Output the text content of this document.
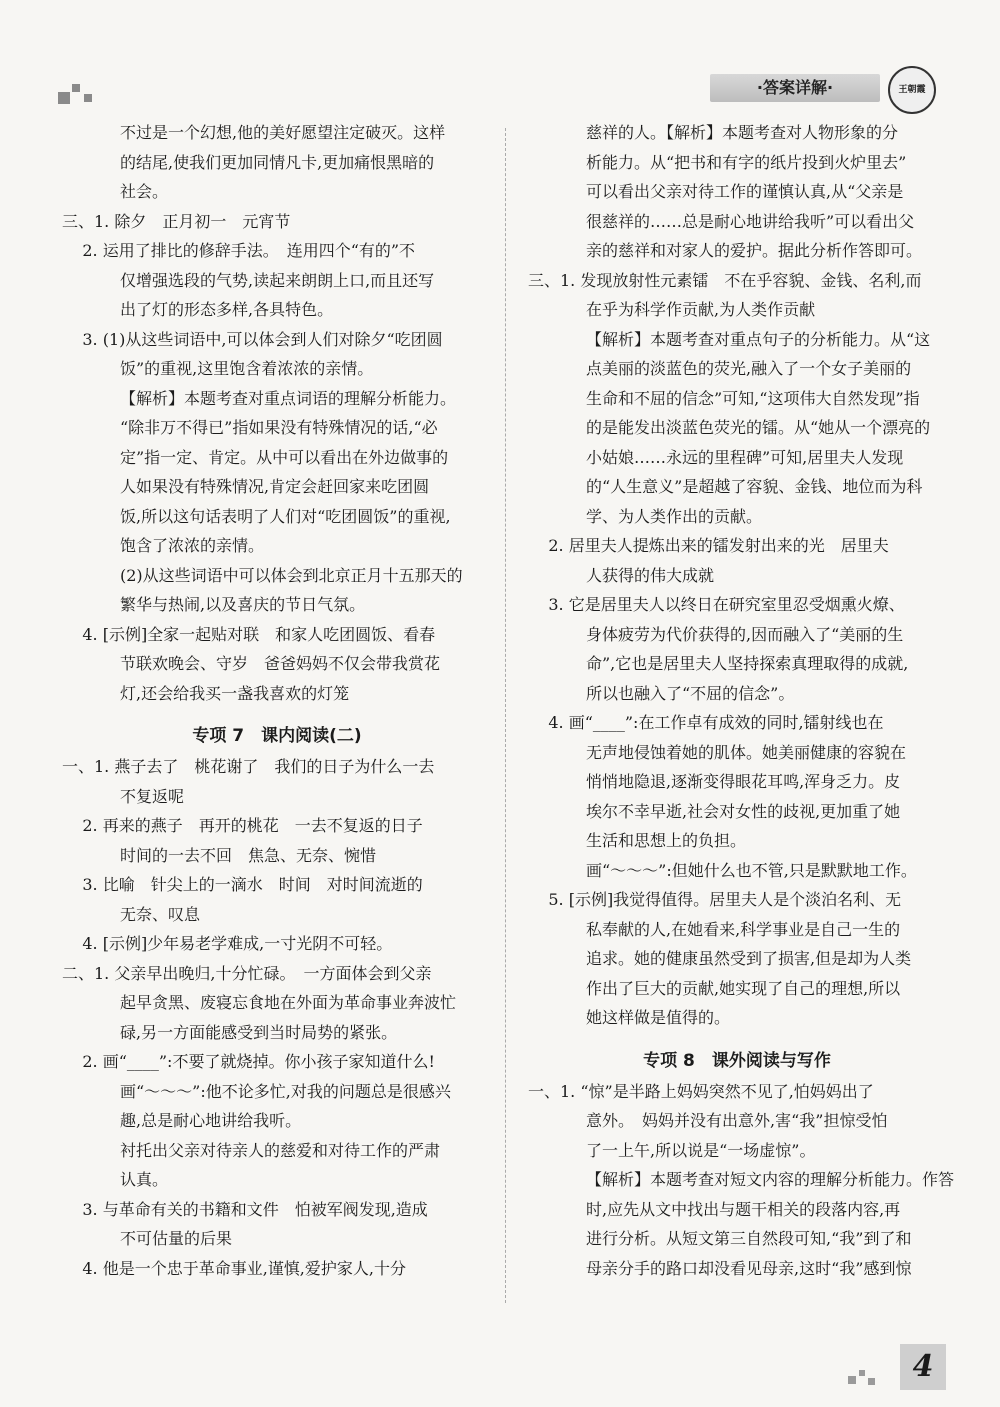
·答案详解·	王朝霞
不过是一个幻想,他的美好愿望注定破灭。这样
的结尾,使我们更加同情凡卡,更加痛恨黑暗的
社会。
三、1. 除夕　正月初一　元宵节
2. 运用了排比的修辞手法。　连用四个“有的”不
仅增强选段的气势,读起来朗朗上口,而且还写
出了灯的形态多样,各具特色。
3. (1)从这些词语中,可以体会到人们对除夕“吃团圆
饭”的重视,这里饱含着浓浓的亲情。
【解析】本题考查对重点词语的理解分析能力。
“除非万不得已”指如果没有特殊情况的话,“必
定”指一定、肯定。从中可以看出在外边做事的
人如果没有特殊情况,肯定会赶回家来吃团圆
饭,所以这句话表明了人们对“吃团圆饭”的重视,
饱含了浓浓的亲情。
(2)从这些词语中可以体会到北京正月十五那天的
繁华与热闹,以及喜庆的节日气氛。
4. [示例]全家一起贴对联　和家人吃团圆饭、看春
节联欢晚会、守岁　爸爸妈妈不仅会带我赏花
灯,还会给我买一盏我喜欢的灯笼
专项 7　课内阅读(二)
一、1. 燕子去了　桃花谢了　我们的日子为什么一去
不复返呢
2. 再来的燕子　再开的桃花　一去不复返的日子
时间的一去不回　焦急、无奈、惋惜
3. 比喻　针尖上的一滴水　时间　对时间流逝的
无奈、叹息
4. [示例]少年易老学难成,一寸光阴不可轻。
二、1. 父亲早出晚归,十分忙碌。　一方面体会到父亲
起早贪黑、废寝忘食地在外面为革命事业奔波忙
碌,另一方面能感受到当时局势的紧张。
2. 画“____”:不要了就烧掉。你小孩子家知道什么!
画“～～～”:他不论多忙,对我的问题总是很感兴
趣,总是耐心地讲给我听。
衬托出父亲对待亲人的慈爱和对待工作的严肃
认真。
3. 与革命有关的书籍和文件　怕被军阀发现,造成
不可估量的后果
4. 他是一个忠于革命事业,谨慎,爱护家人,十分
慈祥的人。【解析】本题考查对人物形象的分
析能力。从“把书和有字的纸片投到火炉里去”
可以看出父亲对待工作的谨慎认真,从“父亲是
很慈祥的……总是耐心地讲给我听”可以看出父
亲的慈祥和对家人的爱护。据此分析作答即可。
三、1. 发现放射性元素镭　不在乎容貌、金钱、名利,而
在乎为科学作贡献,为人类作贡献
【解析】本题考查对重点句子的分析能力。从“这
点美丽的淡蓝色的荧光,融入了一个女子美丽的
生命和不屈的信念”可知,“这项伟大自然发现”指
的是能发出淡蓝色荧光的镭。从“她从一个漂亮的
小姑娘……永远的里程碑”可知,居里夫人发现
的“人生意义”是超越了容貌、金钱、地位而为科
学、为人类作出的贡献。
2. 居里夫人提炼出来的镭发射出来的光　居里夫
人获得的伟大成就
3. 它是居里夫人以终日在研究室里忍受烟熏火燎、
身体疲劳为代价获得的,因而融入了“美丽的生
命”,它也是居里夫人坚持探索真理取得的成就,
所以也融入了“不屈的信念”。
4. 画“____”:在工作卓有成效的同时,镭射线也在
无声地侵蚀着她的肌体。她美丽健康的容貌在
悄悄地隐退,逐渐变得眼花耳鸣,浑身乏力。皮
埃尔不幸早逝,社会对女性的歧视,更加重了她
生活和思想上的负担。
画“～～～”:但她什么也不管,只是默默地工作。
5. [示例]我觉得值得。居里夫人是个淡泊名利、无
私奉献的人,在她看来,科学事业是自己一生的
追求。她的健康虽然受到了损害,但是却为人类
作出了巨大的贡献,她实现了自己的理想,所以
她这样做是值得的。
专项 8　课外阅读与写作
一、1. “惊”是半路上妈妈突然不见了,怕妈妈出了
意外。　妈妈并没有出意外,害“我”担惊受怕
了一上午,所以说是“一场虚惊”。
【解析】本题考查对短文内容的理解分析能力。作答
时,应先从文中找出与题干相关的段落内容,再
进行分析。从短文第三自然段可知,“我”到了和
母亲分手的路口却没看见母亲,这时“我”感到惊
4
